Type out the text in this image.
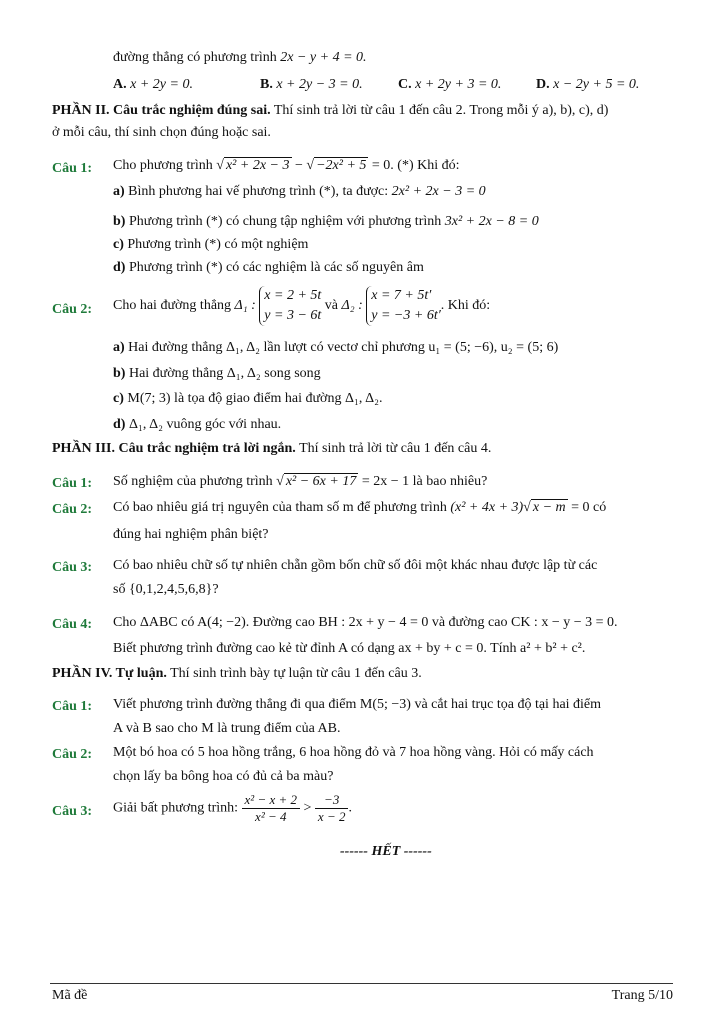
đường thẳng có phương trình 2x − y + 4 = 0.
A. x + 2y = 0.	B. x + 2y − 3 = 0.	C. x + 2y + 3 = 0. D. x − 2y + 5 = 0.
PHẦN II. Câu trắc nghiệm đúng sai. Thí sinh trả lời từ câu 1 đến câu 2. Trong mỗi ý a), b), c), d)
ở mỗi câu, thí sinh chọn đúng hoặc sai.
Câu 1: Cho phương trình √ x² + 2x − 3 − √ −2x² + 5 = 0. (*) Khi đó:
a) Bình phương hai vế phương trình (*), ta được: 2x² + 2x − 3 = 0
b) Phương trình (*) có chung tập nghiệm với phương trình 3x² + 2x − 8 = 0
c) Phương trình (*) có một nghiệm
d) Phương trình (*) có các nghiệm là các số nguyên âm
Câu 2: Cho hai đường thẳng Δ₁ : x = 2 + 5t
y = 3 − 6t và Δ₂ : x = 7 + 5t′
y = −3 + 6t′. Khi đó:
a) Hai đường thẳng Δ₁, Δ₂ lần lượt có vectơ chỉ phương u₁ = (5; −6), u₂ = (5; 6)
b) Hai đường thẳng Δ₁, Δ₂ song song
c) M(7; 3) là tọa độ giao điểm hai đường Δ₁, Δ₂.
d) Δ₁, Δ₂ vuông góc với nhau.
PHẦN III. Câu trắc nghiệm trả lời ngắn. Thí sinh trả lời từ câu 1 đến câu 4.
Câu 1: Số nghiệm của phương trình √ x² − 6x + 17 = 2x − 1 là bao nhiêu?
Câu 2: Có bao nhiêu giá trị nguyên của tham số m để phương trình (x² + 4x + 3)√ x − m = 0 có
đúng hai nghiệm phân biệt?
Câu 3: Có bao nhiêu chữ số tự nhiên chẵn gồm bốn chữ số đôi một khác nhau được lập từ các
số {0,1,2,4,5,6,8}?
Câu 4: Cho ΔABC có A(4; −2). Đường cao BH : 2x + y − 4 = 0 và đường cao CK : x − y − 3 = 0.
Biết phương trình đường cao kẻ từ đỉnh A có dạng ax + by + c = 0. Tính a² + b² + c².
PHẦN IV. Tự luận. Thí sinh trình bày tự luận từ câu 1 đến câu 3.
Câu 1: Viết phương trình đường thẳng đi qua điểm M(5; −3) và cắt hai trục tọa độ tại hai điểm
A và B sao cho M là trung điểm của AB.
Câu 2: Một bó hoa có 5 hoa hồng trắng, 6 hoa hồng đỏ và 7 hoa hồng vàng. Hỏi có mấy cách
chọn lấy ba bông hoa có đủ cả ba màu?
Câu 3: Giải bất phương trình: $\frac{\text{x² − x + 2}}{\text{x² − 4}} > \frac{-3}{x - 2}$ .
------ HẾT ------
Mã đề	Trang 5/10
